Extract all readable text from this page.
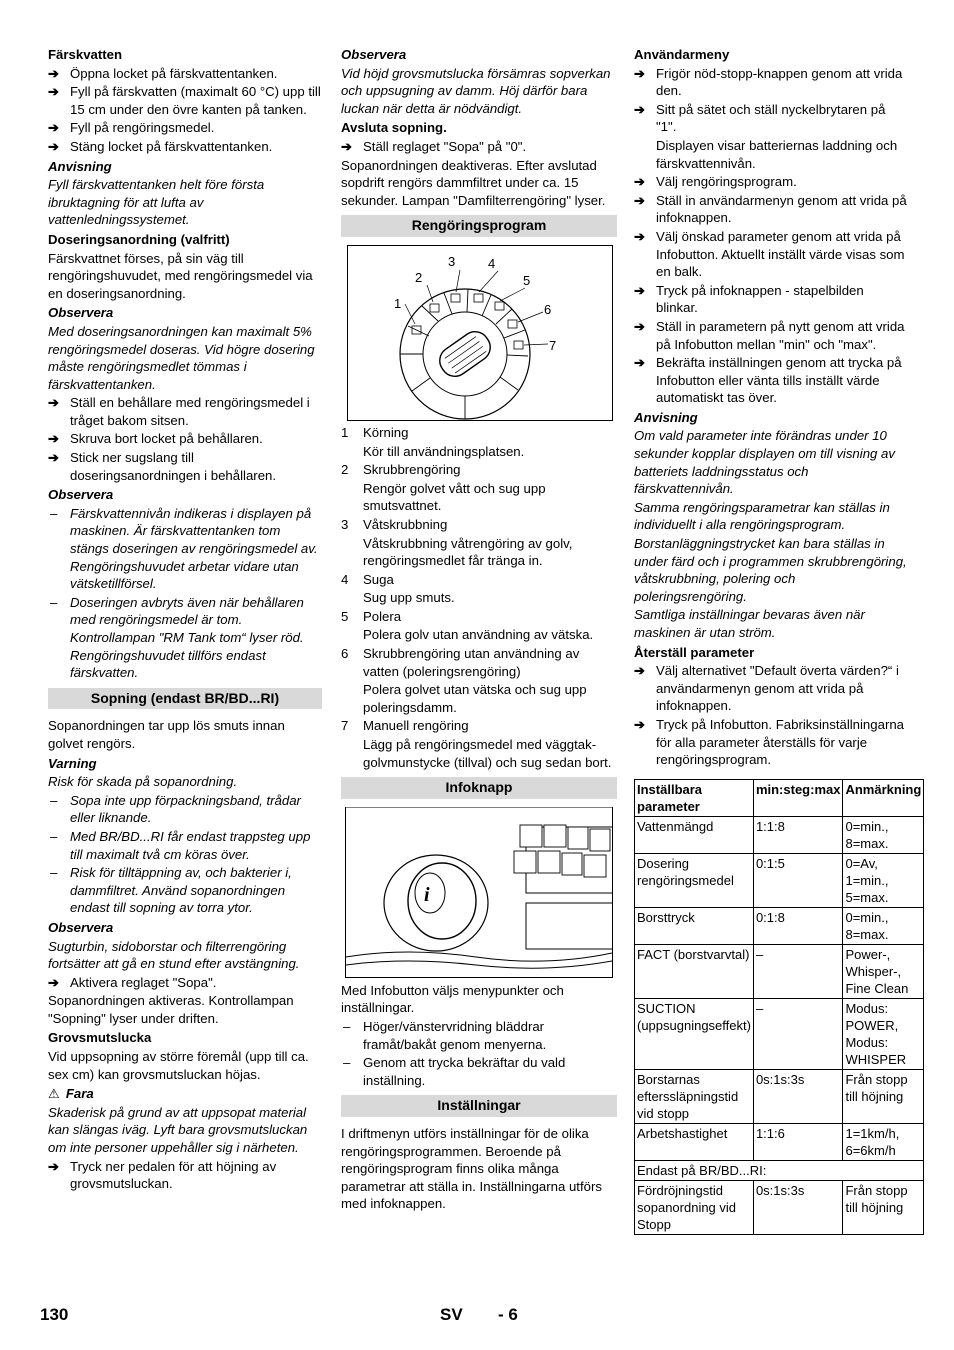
Färskvatten
➔ Öppna locket på färskvattentanken.
➔ Fyll på färskvatten (maximalt 60 °C) upp till 15 cm under den övre kanten på tanken.
➔ Fyll på rengöringsmedel.
➔ Stäng locket på färskvattentanken.
Anvisning
Fyll färskvattentanken helt före första ibruktagning för att lufta av vattenledningssystemet.
Doseringsanordning (valfritt)
Färskvattnet förses, på sin väg till rengöringshuvudet, med rengöringsmedel via en doseringsanordning.
Observera
Med doseringsanordningen kan maximalt 5% rengöringsmedel doseras. Vid högre dosering måste rengöringsmedlet tömmas i färskvattentanken.
➔ Ställ en behållare med rengöringsmedel i tråget bakom sitsen.
➔ Skruva bort locket på behållaren.
➔ Stick ner sugslang till doseringsanordningen i behållaren.
Observera
– Färskvattennivån indikeras i displayen på maskinen. Är färskvattentanken tom stängs doseringen av rengöringsmedel av. Rengöringshuvudet arbetar vidare utan vätsketillförsel.
– Doseringen avbryts även när behållaren med rengöringsmedel är tom. Kontrollampan "RM Tank tom“ lyser röd. Rengöringshuvudet tillförs endast färskvatten.
Sopning (endast BR/BD...RI)
Sopanordningen tar upp lös smuts innan golvet rengörs.
Varning
Risk för skada på sopanordning.
– Sopa inte upp förpackningsband, trådar eller liknande.
– Med BR/BD...RI får endast trappsteg upp till maximalt två cm köras över.
– Risk för tilltäppning av, och bakterier i, dammfiltret. Använd sopanordningen endast till sopning av torra ytor.
Observera
Sugturbin, sidoborstar och filterrengöring fortsätter att gå en stund efter avstängning.
➔ Aktivera reglaget "Sopa".
Sopanordningen aktiveras. Kontrollampan "Sopning" lyser under driften.
Grovsmutslucka
Vid uppsopning av större föremål (upp till ca. sex cm) kan grovsmutsluckan höjas.
⚠ Fara
Skaderisk på grund av att uppsopat material kan slängas iväg. Lyft bara grovsmutsluckan om inte personer uppehåller sig i närheten.
➔ Tryck ner pedalen för att höjning av grovsmutsluckan.
Observera
Vid höjd grovsmutslucka försämras sopverkan och uppsugning av damm. Höj därför bara luckan när detta är nödvändigt.
Avsluta sopning.
➔ Ställ reglaget "Sopa" på "0".
Sopanordningen deaktiveras. Efter avslutad sopdrift rengörs dammfiltret under ca. 15 sekunder. Lampan "Damfilterrengöring" lyser.
Rengöringsprogram
1
2
3	4
5
6
7
1 Körning
Kör till användningsplatsen.
2 Skrubbrengöring
Rengör golvet vått och sug upp smutsvattnet.
3 Våtskrubbning
Våtskrubbning våtrengöring av golv, rengöringsmedlet får tränga in.
4 Suga
Sug upp smuts.
5 Polera
Polera golv utan användning av vätska.
6 Skrubbrengöring utan användning av vatten (poleringsrengöring)
Polera golvet utan vätska och sug upp poleringsdamm.
7 Manuell rengöring
Lägg på rengöringsmedel med väggtak-golvmunstycke (tillval) och sug sedan bort.
Infoknapp
i
Med Infobutton väljs menypunkter och inställningar.
– Höger/vänstervridning bläddrar framåt/bakåt genom menyerna.
– Genom att trycka bekräftar du vald inställning.
Inställningar
I driftmenyn utförs inställningar för de olika rengöringsprogrammen. Beroende på rengöringsprogram finns olika många parametrar att ställa in. Inställningarna utförs med infoknappen.
Användarmeny
➔ Frigör nöd-stopp-knappen genom att vrida den.
➔ Sitt på sätet och ställ nyckelbrytaren på "1".
Displayen visar batteriernas laddning och färskvattennivån.
➔ Välj rengöringsprogram.
➔ Ställ in användarmenyn genom att vrida på infoknappen.
➔ Välj önskad parameter genom att vrida på Infobutton. Aktuellt inställt värde visas som en balk.
➔ Tryck på infoknappen - stapelbilden blinkar.
➔ Ställ in parametern på nytt genom att vrida på Infobutton mellan "min" och "max".
➔ Bekräfta inställningen genom att trycka på Infobutton eller vänta tills inställt värde automatiskt tas över.
Anvisning
Om vald parameter inte förändras under 10 sekunder kopplar displayen om till visning av batteriets laddningsstatus och färskvattennivån.
Samma rengöringsparametrar kan ställas in individuellt i alla rengöringsprogram.
Borstanläggningstrycket kan bara ställas in under färd och i programmen skrubbrengöring, våtskrubbning, polering och poleringsrengöring.
Samtliga inställningar bevaras även när maskinen är utan ström.
Återställ parameter
➔ Välj alternativet "Default överta värden?“ i användarmenyn genom att vrida på infoknappen.
➔ Tryck på Infobutton. Fabriksinställningarna för alla parameter återställs för varje rengöringsprogram.
Inställbara parameter	min:steg:max	Anmärkning
Vattenmängd	1:1:8	0=min., 8=max.
Dosering rengöringsmedel	0:1:5	0=Av, 1=min., 5=max.
Borsttryck	0:1:8	0=min., 8=max.
FACT (borstvarvtal)	–	Power-, Whisper-, Fine Clean
SUCTION (uppsugningseffekt)	–	Modus: POWER, Modus: WHISPER
Borstarnas efterssläpningstid vid stopp	0s:1s:3s	Från stopp till höjning
Arbetshastighet	1:1:6	1=1km/h, 6=6km/h
Endast på BR/BD...RI:		
Fördröjningstid sopanordning vid Stopp	0s:1s:3s	Från stopp till höjning
130	SV - 6
